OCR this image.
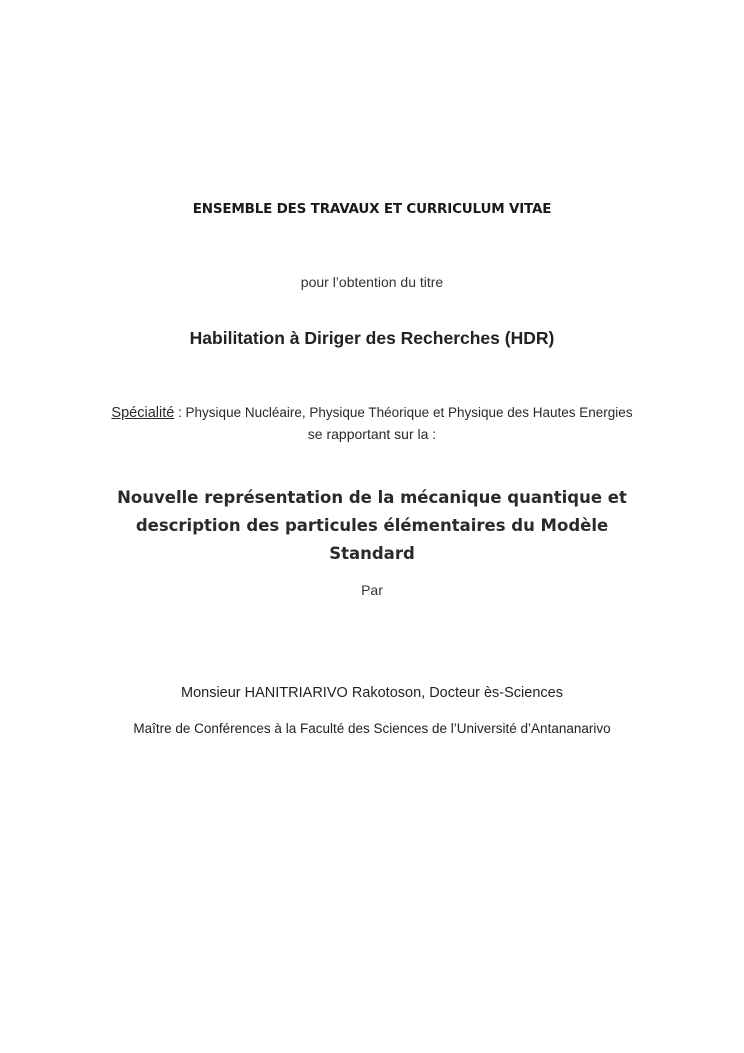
ENSEMBLE DES TRAVAUX ET CURRICULUM VITAE
pour l’obtention du titre
Habilitation à Diriger des Recherches (HDR)
Spécialité : Physique Nucléaire, Physique Théorique et Physique des Hautes Energies
se rapportant sur la :
Nouvelle représentation de la mécanique quantique et description des particules élémentaires du Modèle Standard
Par
Monsieur HANITRIARIVO Rakotoson, Docteur ès-Sciences
Maître de Conférences à la Faculté des Sciences de l’Université d’Antananarivo
